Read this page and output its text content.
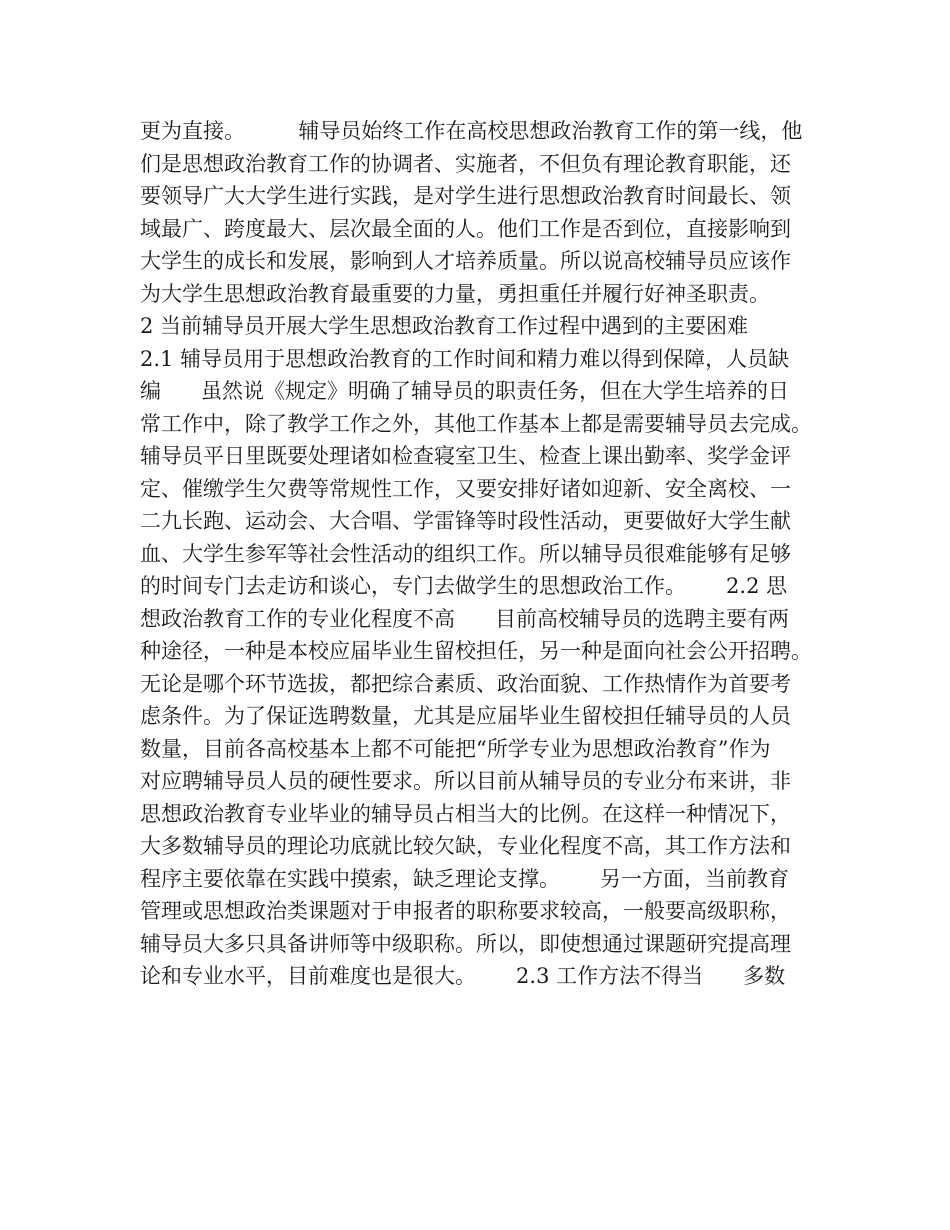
更为直接。        辅导员始终工作在高校思想政治教育工作的第一线，他
们是思想政治教育工作的协调者、实施者，不但负有理论教育职能，还
要领导广大大学生进行实践，是对学生进行思想政治教育时间最长、领
域最广、跨度最大、层次最全面的人。他们工作是否到位，直接影响到
大学生的成长和发展，影响到人才培养质量。所以说高校辅导员应该作
为大学生思想政治教育最重要的力量，勇担重任并履行好神圣职责。
2 当前辅导员开展大学生思想政治教育工作过程中遇到的主要困难
2.1 辅导员用于思想政治教育的工作时间和精力难以得到保障，人员缺
编      虽然说《规定》明确了辅导员的职责任务，但在大学生培养的日
常工作中，除了教学工作之外，其他工作基本上都是需要辅导员去完成。
辅导员平日里既要处理诸如检查寝室卫生、检查上课出勤率、奖学金评
定、催缴学生欠费等常规性工作，又要安排好诸如迎新、安全离校、一
二九长跑、运动会、大合唱、学雷锋等时段性活动，更要做好大学生献
血、大学生参军等社会性活动的组织工作。所以辅导员很难能够有足够
的时间专门去走访和谈心，专门去做学生的思想政治工作。      2.2 思
想政治教育工作的专业化程度不高      目前高校辅导员的选聘主要有两
种途径，一种是本校应届毕业生留校担任，另一种是面向社会公开招聘。
无论是哪个环节选拔，都把综合素质、政治面貌、工作热情作为首要考
虑条件。为了保证选聘数量，尤其是应届毕业生留校担任辅导员的人员
数量，目前各高校基本上都不可能把“所学专业为思想政治教育”作为
对应聘辅导员人员的硬性要求。所以目前从辅导员的专业分布来讲，非
思想政治教育专业毕业的辅导员占相当大的比例。在这样一种情况下，
大多数辅导员的理论功底就比较欠缺，专业化程度不高，其工作方法和
程序主要依靠在实践中摸索，缺乏理论支撑。      另一方面，当前教育
管理或思想政治类课题对于申报者的职称要求较高，一般要高级职称，
辅导员大多只具备讲师等中级职称。所以，即使想通过课题研究提高理
论和专业水平，目前难度也是很大。      2.3 工作方法不得当      多数
